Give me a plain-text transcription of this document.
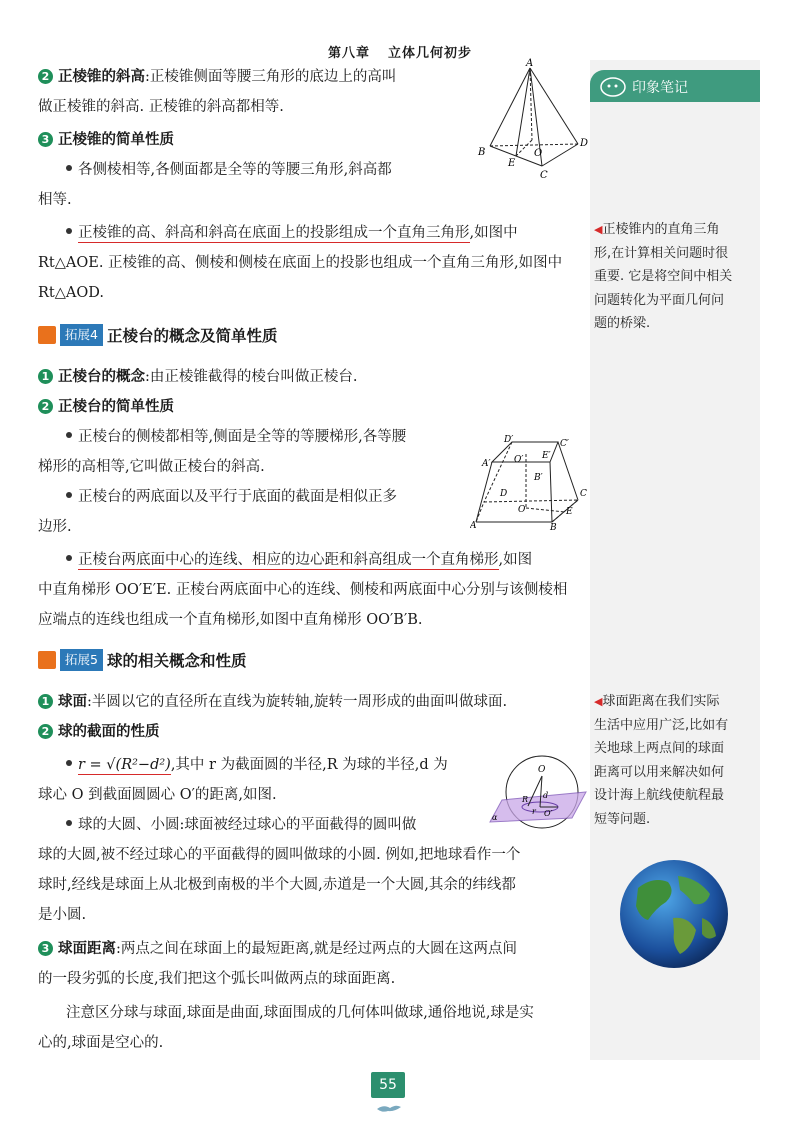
第八章 立体几何初步
印象笔记
◀正棱锥内的直角三角
形,在计算相关问题时很
重要. 它是将空间中相关
问题转化为平面几何问
题的桥梁.
◀球面距离在我们实际
生活中应用广泛,比如有
关地球上两点间的球面
距离可以用来解决如何
设计海上航线使航程最
短等问题.

2 正棱锥的斜高:正棱锥侧面等腰三角形的底边上的高叫

做正棱锥的斜高. 正棱锥的斜高都相等.

3 正棱锥的简单性质

各侧棱相等,各侧面都是全等的等腰三角形,斜高都

相等.

正棱锥的高、斜高和斜高在底面上的投影组成一个直角三角形,如图中

Rt△AOE. 正棱锥的高、侧棱和侧棱在底面上的投影也组成一个直角三角形,如图中

Rt△AOD.

拓展4 正棱台的概念及简单性质

1 正棱台的概念:由正棱锥截得的棱台叫做正棱台.

2 正棱台的简单性质

正棱台的侧棱都相等,侧面是全等的等腰梯形,各等腰

梯形的高相等,它叫做正棱台的斜高.

正棱台的两底面以及平行于底面的截面是相似正多

边形.

正棱台两底面中心的连线、相应的边心距和斜高组成一个直角梯形,如图

中直角梯形 OO′E′E. 正棱台两底面中心的连线、侧棱和两底面中心分别与该侧棱相

应端点的连线也组成一个直角梯形,如图中直角梯形 OO′B′B.

拓展5 球的相关概念和性质

1 球面:半圆以它的直径所在直线为旋转轴,旋转一周形成的曲面叫做球面.

2 球的截面的性质

r = √(R²−d²),其中 r 为截面圆的半径,R 为球的半径,d 为

球心 O 到截面圆圆心 O′的距离,如图.

球的大圆、小圆:球面被经过球心的平面截得的圆叫做

球的大圆,被不经过球心的平面截得的圆叫做球的小圆. 例如,把地球看作一个

球时,经线是球面上从北极到南极的半个大圆,赤道是一个大圆,其余的纬线都

是小圆.

3 球面距离:两点之间在球面上的最短距离,就是经过两点的大圆在这两点间

的一段劣弧的长度,我们把这个弧长叫做两点的球面距离.

注意区分球与球面,球面是曲面,球面围成的几何体叫做球,通俗地说,球是实

心的,球面是空心的.

A
B
C
D
E
O
D′	C′
A′	O′ E′
B′
D	C
O	E
A	B
O
R d
r O′
α
55
